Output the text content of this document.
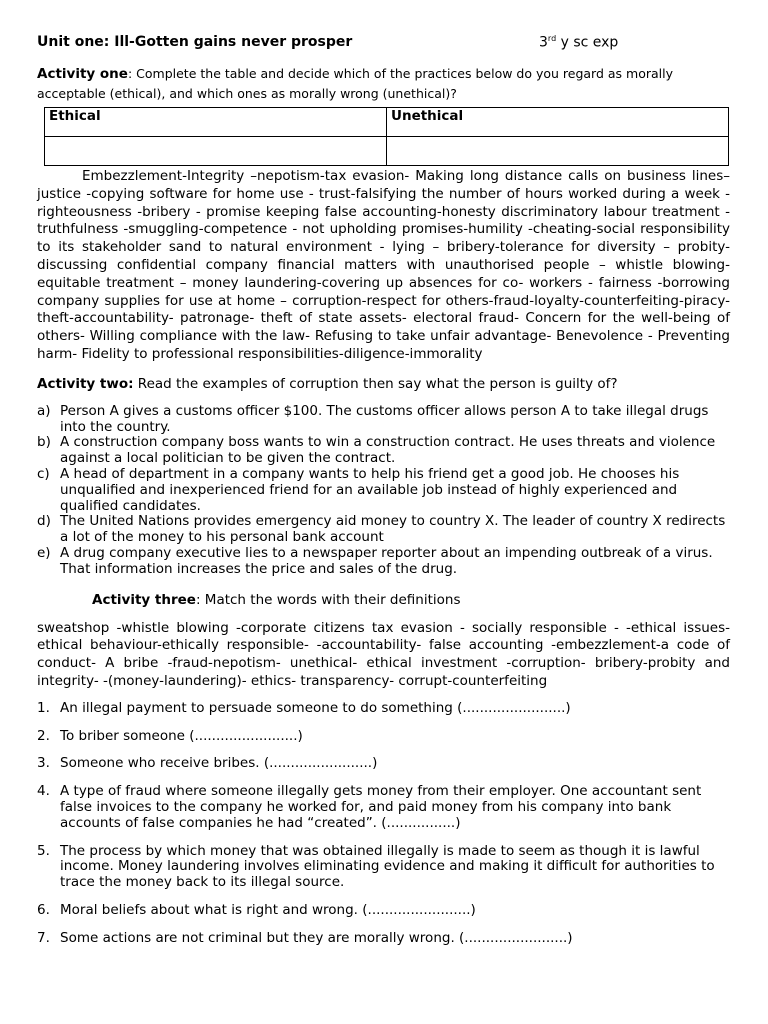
Unit one: Ill-Gotten gains never prosper	3rd y sc exp
Activity one: Complete the table and decide which of the practices below do you regard as morally acceptable (ethical), and which ones as morally wrong (unethical)?
Ethical	Unethical

Embezzlement-Integrity –nepotism-tax evasion- Making long distance calls on business lines–justice -copying software for home use - trust-falsifying the number of hours worked during a week - righteousness -bribery - promise keeping false accounting-honesty discriminatory labour treatment -truthfulness -smuggling-competence - not upholding promises-humility -cheating-social responsibility to its stakeholder sand to natural environment - lying – bribery-tolerance for diversity – probity-discussing confidential company financial matters with unauthorised people – whistle blowing-equitable treatment – money laundering-covering up absences for co- workers - fairness -borrowing company supplies for use at home – corruption-respect for others-fraud-loyalty-counterfeiting-piracy-theft-accountability- patronage- theft of state assets- electoral fraud- Concern for the well-being of others- Willing compliance with the law- Refusing to take unfair advantage- Benevolence - Preventing harm- Fidelity to professional responsibilities-diligence-immorality
Activity two: Read the examples of corruption then say what the person is guilty of?
a) Person A gives a customs officer $100. The customs officer allows person A to take illegal drugs into the country.
b) A construction company boss wants to win a construction contract. He uses threats and violence against a local politician to be given the contract.
c) A head of department in a company wants to help his friend get a good job. He chooses his unqualified and inexperienced friend for an available job instead of highly experienced and qualified candidates.
d) The United Nations provides emergency aid money to country X. The leader of country X redirects a lot of the money to his personal bank account
e) A drug company executive lies to a newspaper reporter about an impending outbreak of a virus. That information increases the price and sales of the drug.
Activity three: Match the words with their definitions
sweatshop -whistle blowing -corporate citizens tax evasion - socially responsible - -ethical issues-ethical behaviour-ethically responsible- -accountability- false accounting -embezzlement-a code of conduct- A bribe -fraud-nepotism- unethical- ethical investment -corruption- bribery-probity and integrity- -(money-laundering)- ethics- transparency- corrupt-counterfeiting
1. An illegal payment to persuade someone to do something (........................)
2. To briber someone (........................)
3. Someone who receive bribes. (........................)
4. A type of fraud where someone illegally gets money from their employer. One accountant sent false invoices to the company he worked for, and paid money from his company into bank accounts of false companies he had “created”. (................)
5. The process by which money that was obtained illegally is made to seem as though it is lawful income. Money laundering involves eliminating evidence and making it difficult for authorities to trace the money back to its illegal source.
6. Moral beliefs about what is right and wrong. (........................)
7. Some actions are not criminal but they are morally wrong. (........................)
